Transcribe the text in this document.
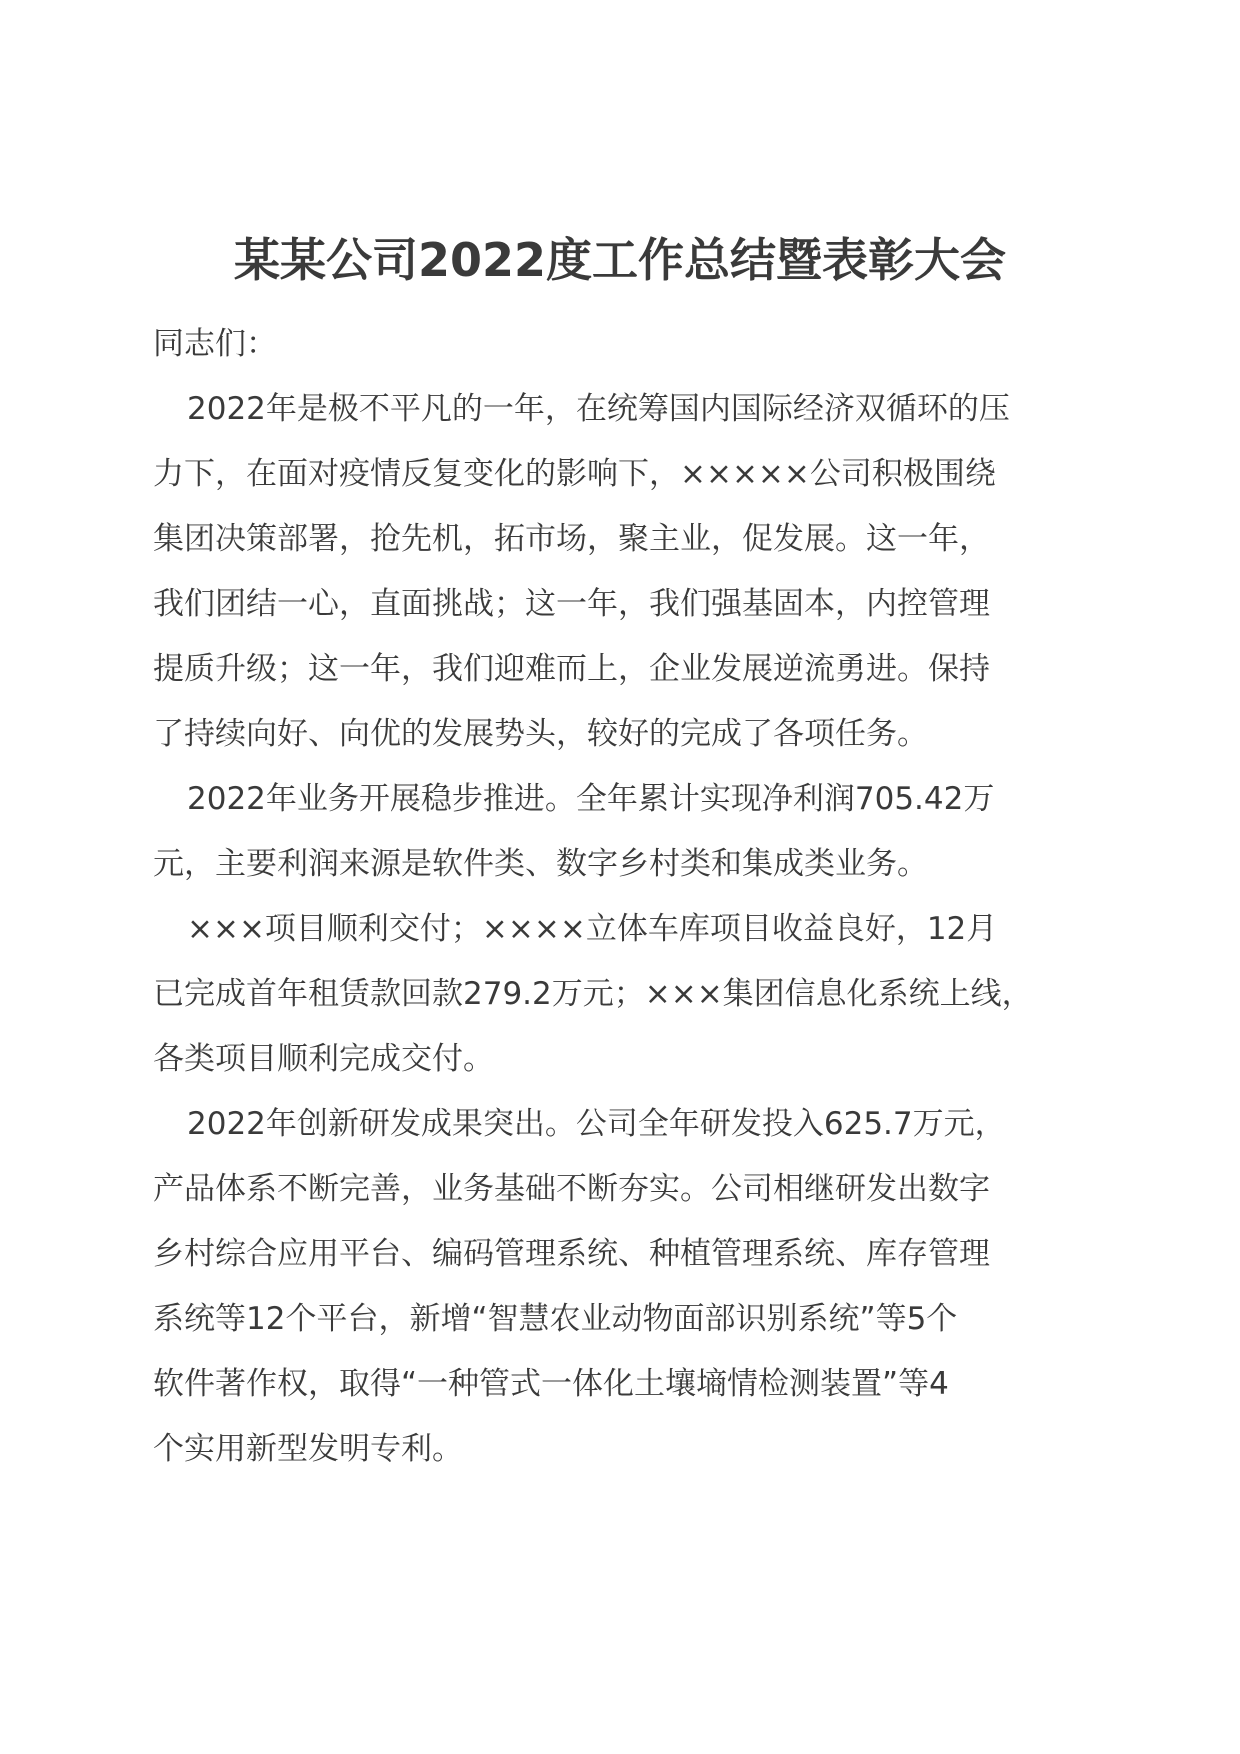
某某公司2022度工作总结暨表彰大会
同志们：
2022年是极不平凡的一年，在统筹国内国际经济双循环的压
力下，在面对疫情反复变化的影响下，×××××公司积极围绕
集团决策部署，抢先机，拓市场，聚主业，促发展。这一年，
我们团结一心，直面挑战；这一年，我们强基固本，内控管理
提质升级；这一年，我们迎难而上，企业发展逆流勇进。保持
了持续向好、向优的发展势头，较好的完成了各项任务。
2022年业务开展稳步推进。全年累计实现净利润705.42万
元，主要利润来源是软件类、数字乡村类和集成类业务。
×××项目顺利交付；××××立体车库项目收益良好，12月
已完成首年租赁款回款279.2万元；×××集团信息化系统上线，
各类项目顺利完成交付。
2022年创新研发成果突出。公司全年研发投入625.7万元，
产品体系不断完善，业务基础不断夯实。公司相继研发出数字
乡村综合应用平台、编码管理系统、种植管理系统、库存管理
系统等12个平台，新增“智慧农业动物面部识别系统”等5个
软件著作权，取得“一种管式一体化土壤墒情检测装置”等4
个实用新型发明专利。
